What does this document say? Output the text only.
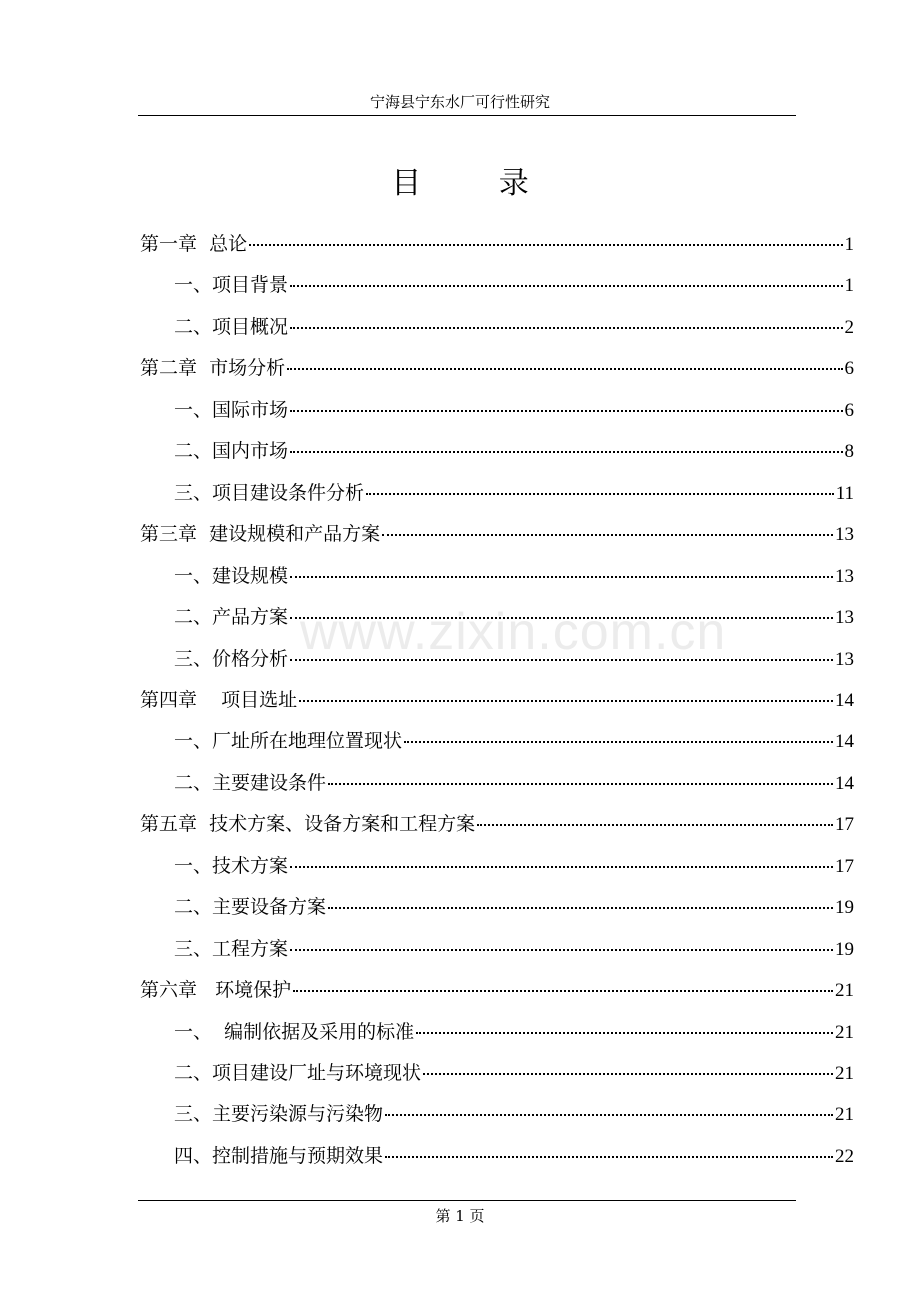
宁海县宁东水厂可行性研究
目 录
第一章  总论	1
一、项目背景	1
二、项目概况	2
第二章  市场分析	6
一、国际市场	6
二、国内市场	8
三、项目建设条件分析	11
第三章  建设规模和产品方案	13
一、建设规模	13
二、产品方案	13
三、价格分析	13
第四章    项目选址	14
一、厂址所在地理位置现状	14
二、主要建设条件	14
第五章  技术方案、设备方案和工程方案	17
一、技术方案	17
二、主要设备方案	19
三、工程方案	19
第六章   环境保护	21
一、  编制依据及采用的标准	21
二、项目建设厂址与环境现状	21
三、主要污染源与污染物	21
四、控制措施与预期效果	22
www.zixin.com.cn
第 1 页
